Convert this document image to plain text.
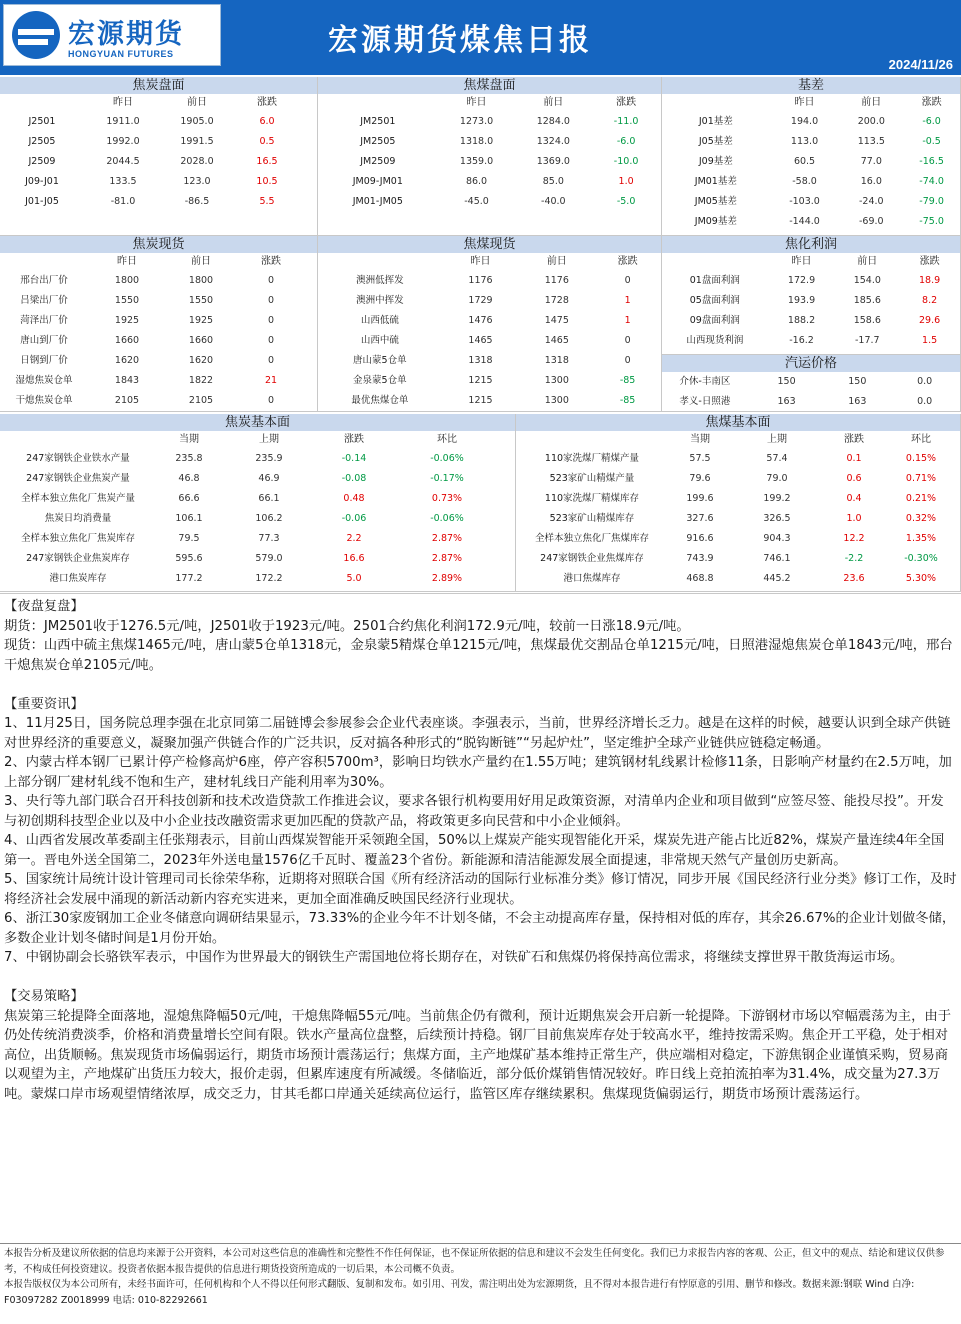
宏源期货
HONGYUAN FUTURES	宏源期货煤焦日报
2024/11/26
焦炭盘面
昨日	前日	涨跌
J2501	1911.0	1905.0	6.0
J2505	1992.0	1991.5	0.5
J2509	2044.5	2028.0	16.5
J09-J01	133.5	123.0	10.5
J01-J05	-81.0	-86.5	5.5
焦煤盘面
昨日	前日	涨跌
JM2501	1273.0	1284.0	-11.0
JM2505	1318.0	1324.0	-6.0
JM2509	1359.0	1369.0	-10.0
JM09-JM01	86.0	85.0	1.0
JM01-JM05	-45.0	-40.0	-5.0
基差
昨日	前日	涨跌
J01基差	194.0	200.0	-6.0
J05基差	113.0	113.5	-0.5
J09基差	60.5	77.0	-16.5
JM01基差	-58.0	16.0	-74.0
JM05基差	-103.0	-24.0	-79.0
JM09基差	-144.0	-69.0	-75.0
焦炭现货
昨日	前日	涨跌
邢台出厂价	1800	1800	0
吕梁出厂价	1550	1550	0
菏泽出厂价	1925	1925	0
唐山到厂价	1660	1660	0
日钢到厂价	1620	1620	0
湿熄焦炭仓单	1843	1822	21
干熄焦炭仓单	2105	2105	0
焦煤现货
昨日	前日	涨跌
澳洲低挥发	1176	1176	0
澳洲中挥发	1729	1728	1
山西低硫	1476	1475	1
山西中硫	1465	1465	0
唐山蒙5仓单	1318	1318	0
金泉蒙5仓单	1215	1300	-85
最优焦煤仓单	1215	1300	-85
焦化利润
昨日	前日	涨跌
01盘面利润	172.9	154.0	18.9
05盘面利润	193.9	185.6	8.2
09盘面利润	188.2	158.6	29.6
山西现货利润	-16.2	-17.7	1.5
汽运价格
介休-丰南区	150	150	0.0
孝义-日照港	163	163	0.0
焦炭基本面
当期	上期	涨跌	环比
247家钢铁企业铁水产量	235.8	235.9	-0.14	-0.06%
247家钢铁企业焦炭产量	46.8	46.9	-0.08	-0.17%
全样本独立焦化厂焦炭产量	66.6	66.1	0.48	0.73%
焦炭日均消费量	106.1	106.2	-0.06	-0.06%
全样本独立焦化厂焦炭库存	79.5	77.3	2.2	2.87%
247家钢铁企业焦炭库存	595.6	579.0	16.6	2.87%
港口焦炭库存	177.2	172.2	5.0	2.89%
焦煤基本面
当期	上期	涨跌	环比
110家洗煤厂精煤产量	57.5	57.4	0.1	0.15%
523家矿山精煤产量	79.6	79.0	0.6	0.71%
110家洗煤厂精煤库存	199.6	199.2	0.4	0.21%
523家矿山精煤库存	327.6	326.5	1.0	0.32%
全样本独立焦化厂焦煤库存	916.6	904.3	12.2	1.35%
247家钢铁企业焦煤库存	743.9	746.1	-2.2	-0.30%
港口焦煤库存	468.8	445.2	23.6	5.30%

【夜盘复盘】

期货：JM2501收于1276.5元/吨，J2501收于1923元/吨。2501合约焦化利润172.9元/吨，较前一日涨18.9元/吨。

现货：山西中硫主焦煤1465元/吨，唐山蒙5仓单1318元，金泉蒙5精煤仓单1215元/吨，焦煤最优交割品仓单1215元/吨，日照港湿熄焦炭仓单1843元/吨，邢台干熄焦炭仓单2105元/吨。

【重要资讯】

1、11月25日，国务院总理李强在北京同第二届链博会参展参会企业代表座谈。李强表示，当前，世界经济增长乏力。越是在这样的时候，越要认识到全球产供链对世界经济的重要意义，凝聚加强产供链合作的广泛共识，反对搞各种形式的“脱钩断链”“另起炉灶”，坚定维护全球产业链供应链稳定畅通。

2、内蒙古样本钢厂已累计停产检修高炉6座，停产容积5700m³，影响日均铁水产量约在1.55万吨；建筑钢材轧线累计检修11条，日影响产材量约在2.5万吨，加上部分钢厂建材轧线不饱和生产，建材轧线日产能利用率为30%。

3、央行等九部门联合召开科技创新和技术改造贷款工作推进会议，要求各银行机构要用好用足政策资源，对清单内企业和项目做到“应签尽签、能投尽投”。开发与初创期科技型企业以及中小企业技改融资需求更加匹配的贷款产品，将政策更多向民营和中小企业倾斜。

4、山西省发展改革委副主任张翔表示，目前山西煤炭智能开采领跑全国，50%以上煤炭产能实现智能化开采，煤炭先进产能占比近82%，煤炭产量连续4年全国第一。晋电外送全国第二，2023年外送电量1576亿千瓦时、覆盖23个省份。新能源和清洁能源发展全面提速，非常规天然气产量创历史新高。

5、国家统计局统计设计管理司司长徐荣华称，近期将对照联合国《所有经济活动的国际行业标准分类》修订情况，同步开展《国民经济行业分类》修订工作，及时将经济社会发展中涌现的新活动新内容充实进来，更加全面准确反映国民经济行业现状。

6、浙江30家废钢加工企业冬储意向调研结果显示，73.33%的企业今年不计划冬储，不会主动提高库存量，保持相对低的库存，其余26.67%的企业计划做冬储，多数企业计划冬储时间是1月份开始。

7、中钢协副会长骆铁军表示，中国作为世界最大的钢铁生产需国地位将长期存在，对铁矿石和焦煤仍将保持高位需求，将继续支撑世界干散货海运市场。

【交易策略】

焦炭第三轮提降全面落地，湿熄焦降幅50元/吨，干熄焦降幅55元/吨。当前焦企仍有微利，预计近期焦炭会开启新一轮提降。下游钢材市场以窄幅震荡为主，由于仍处传统消费淡季，价格和消费量增长空间有限。铁水产量高位盘整，后续预计持稳。钢厂目前焦炭库存处于较高水平，维持按需采购。焦企开工平稳，处于相对高位，出货顺畅。焦炭现货市场偏弱运行，期货市场预计震荡运行；焦煤方面，主产地煤矿基本维持正常生产，供应端相对稳定，下游焦钢企业谨慎采购，贸易商以观望为主，产地煤矿出货压力较大，报价走弱，但累库速度有所减缓。冬储临近，部分低价煤销售情况较好。昨日线上竞拍流拍率为31.4%，成交量为27.3万吨。蒙煤口岸市场观望情绪浓厚，成交乏力，甘其毛都口岸通关延续高位运行，监管区库存继续累积。焦煤现货偏弱运行，期货市场预计震荡运行。

本报告分析及建议所依据的信息均来源于公开资料，本公司对这些信息的准确性和完整性不作任何保证，也不保证所依据的信息和建议不会发生任何变化。我们已力求报告内容的客观、公正，但文中的观点、结论和建议仅供参考，不构成任何投资建议。投资者依据本报告提供的信息进行期货投资所造成的一切后果，本公司概不负责。

本报告版权仅为本公司所有，未经书面许可，任何机构和个人不得以任何形式翻版、复制和发布。如引用、刊发，需注明出处为宏源期货，且不得对本报告进行有悖原意的引用、删节和修改。数据来源:钢联 Wind 白净: F03097282 Z0018999 电话: 010-82292661
